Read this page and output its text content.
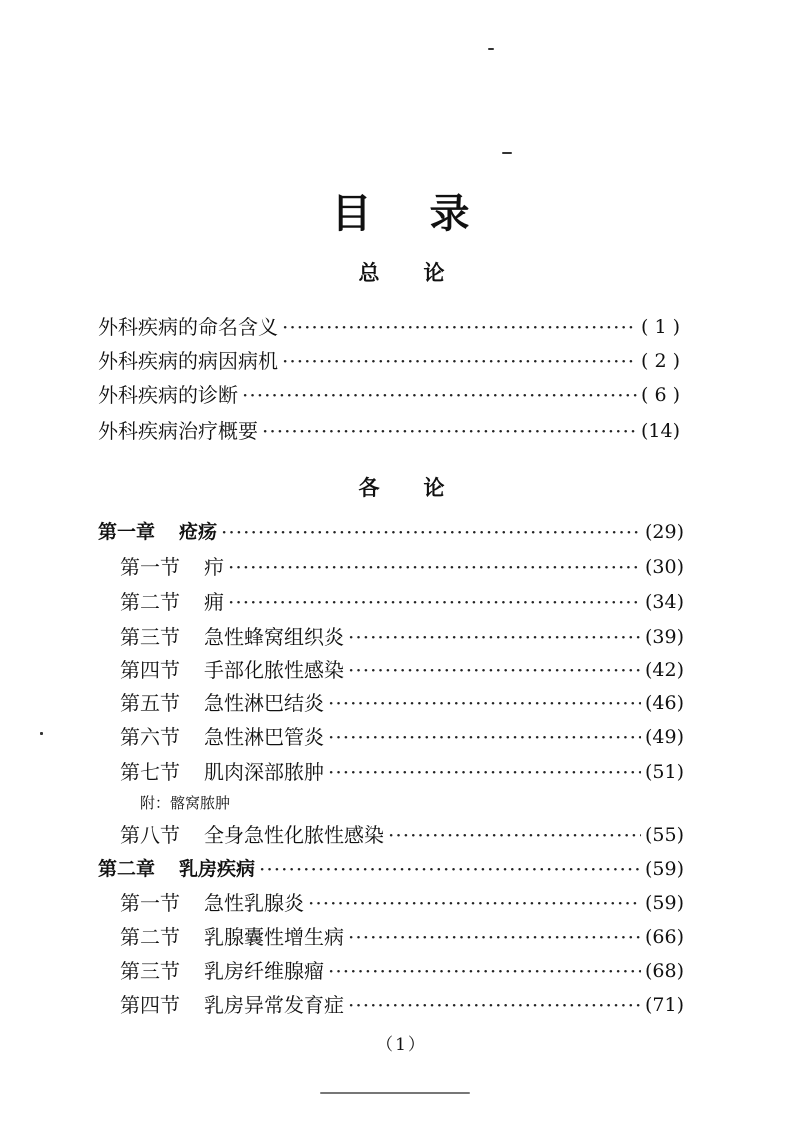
目 录
总 论
外科疾病的命名含义 ·····	( 1 )
外科疾病的病因病机 ·····	( 2 )
外科疾病的诊断 ·····	( 6 )
外科疾病治疗概要 ·····	(14)
各 论
第一章 疮疡 ·····	(29)
第一节 疖 ·····	(30)
第二节 痈 ·····	(34)
第三节 急性蜂窝组织炎 ·····	(39)
第四节 手部化脓性感染 ·····	(42)
第五节 急性淋巴结炎 ·····	(46)
第六节 急性淋巴管炎 ·····	(49)
第七节 肌肉深部脓肿 ·····	(51)
附：髂窝脓肿
第八节 全身急性化脓性感染 ·····	(55)
第二章 乳房疾病 ·····	(59)
第一节 急性乳腺炎 ·····	(59)
第二节 乳腺囊性增生病 ·····	(66)
第三节 乳房纤维腺瘤 ·····	(68)
第四节 乳房异常发育症 ·····	(71)
（1）
